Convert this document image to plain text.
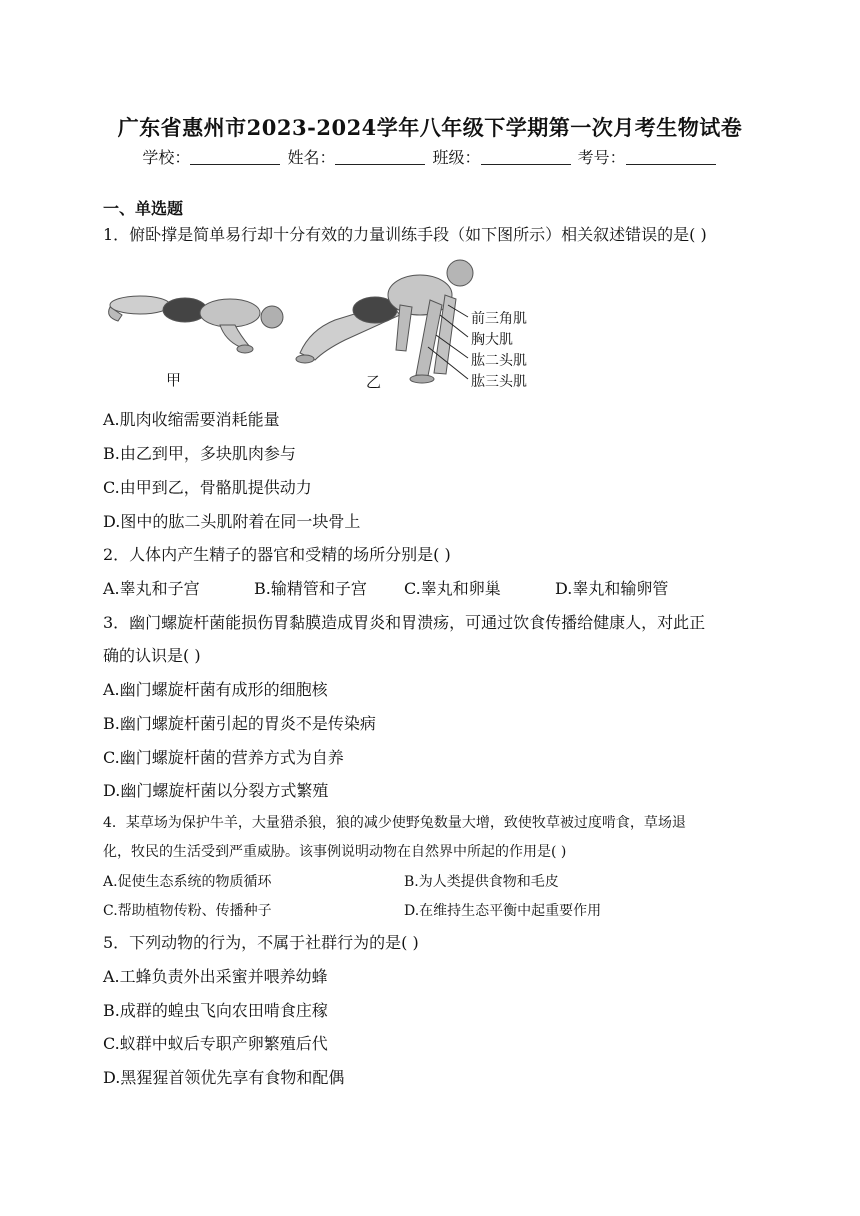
广东省惠州市2023-2024学年八年级下学期第一次月考生物试卷
学校：	姓名：	班级：	考号：
一、单选题
1．俯卧撑是简单易行却十分有效的力量训练手段（如下图所示）相关叙述错误的是( )
甲	乙
前三角肌
胸大肌
肱二头肌
肱三头肌
A.肌肉收缩需要消耗能量
B.由乙到甲，多块肌肉参与
C.由甲到乙，骨骼肌提供动力
D.图中的肱二头肌附着在同一块骨上
2．人体内产生精子的器官和受精的场所分别是( )
A.睾丸和子宫	B.输精管和子宫 C.睾丸和卵巢	D.睾丸和输卵管
3．幽门螺旋杆菌能损伤胃黏膜造成胃炎和胃溃疡，可通过饮食传播给健康人，对此正
确的认识是( )
A.幽门螺旋杆菌有成形的细胞核
B.幽门螺旋杆菌引起的胃炎不是传染病
C.幽门螺旋杆菌的营养方式为自养
D.幽门螺旋杆菌以分裂方式繁殖
4．某草场为保护牛羊，大量猎杀狼，狼的减少使野兔数量大增，致使牧草被过度啃食，草场退
化，牧民的生活受到严重威胁。该事例说明动物在自然界中所起的作用是( )
A.促使生态系统的物质循环	B.为人类提供食物和毛皮
C.帮助植物传粉、传播种子	D.在维持生态平衡中起重要作用
5．下列动物的行为，不属于社群行为的是( )
A.工蜂负责外出采蜜并喂养幼蜂
B.成群的蝗虫飞向农田啃食庄稼
C.蚁群中蚁后专职产卵繁殖后代
D.黑猩猩首领优先享有食物和配偶
